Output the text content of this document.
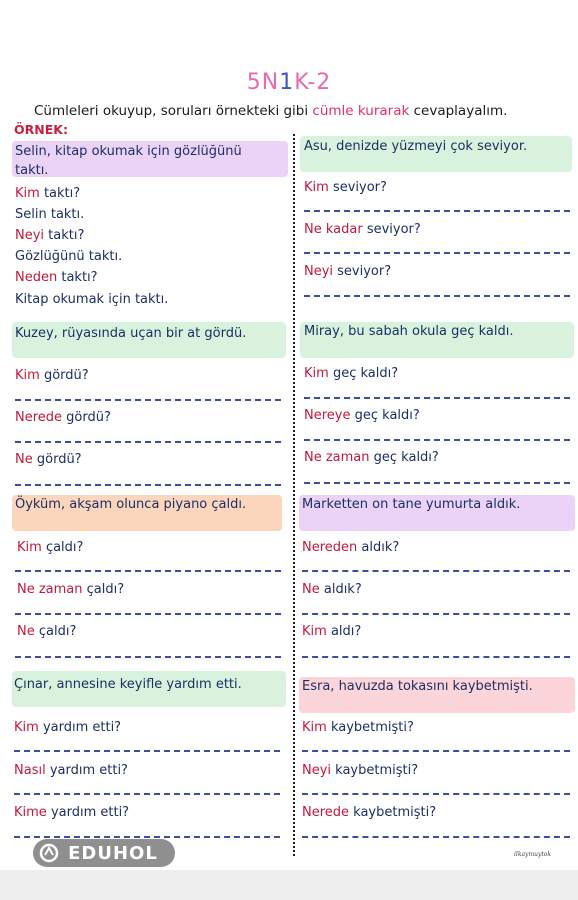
5N1K-2
Cümleleri okuyup, soruları örnekteki gibi cümle kurarak cevaplayalım.
ÖRNEK:
Selin, kitap okumak için gözlüğünü
taktı.
Kim taktı?
Selin taktı.
Neyi taktı?
Gözlüğünü taktı.
Neden taktı?
Kitap okumak için taktı.
Asu, denizde yüzmeyi çok seviyor.
Kim seviyor?
Ne kadar seviyor?
Neyi seviyor?
Kuzey, rüyasında uçan bir at gördü.
Kim gördü?
Nerede gördü?
Ne gördü?
Miray, bu sabah okula geç kaldı.
Kim geç kaldı?
Nereye geç kaldı?
Ne zaman geç kaldı?
Öyküm, akşam olunca piyano çaldı.
Kim çaldı?
Ne zaman çaldı?
Ne çaldı?
Marketten on tane yumurta aldık.
Nereden aldık?
Ne aldık?
Kim aldı?
Çınar, annesine keyifle yardım etti.
Kim yardım etti?
Nasıl yardım etti?
Kime yardım etti?
Esra, havuzda tokasını kaybetmişti.
Kim kaybetmişti?
Neyi kaybetmişti?
Nerede kaybetmişti?
EDUHOL	ilkaymuytok
